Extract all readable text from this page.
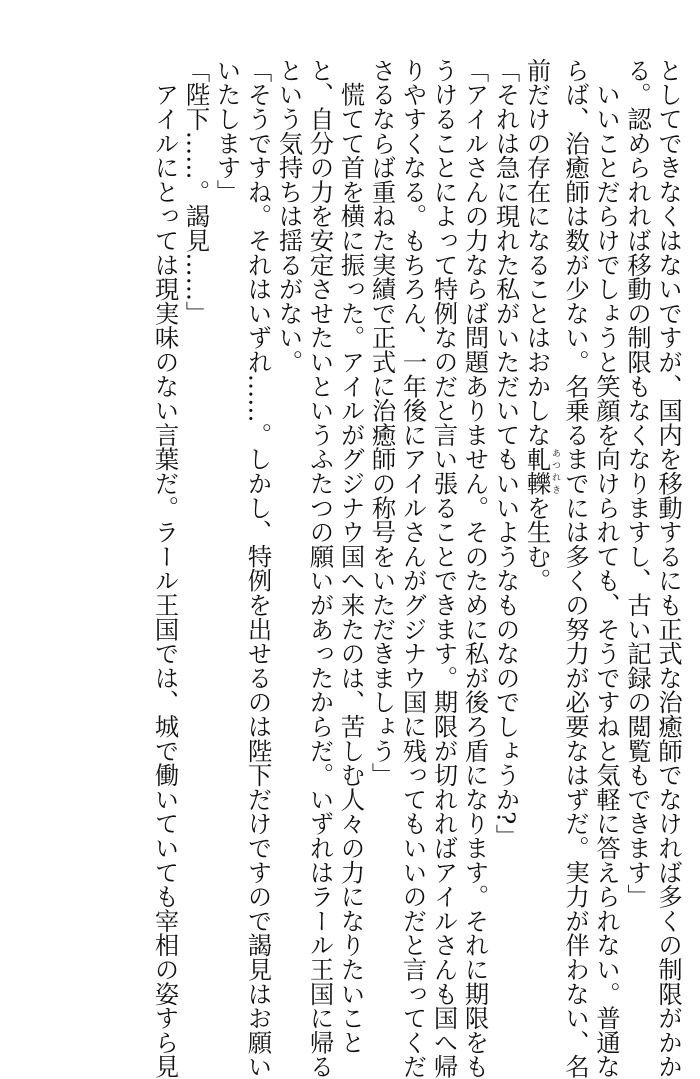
としてできなくはないですが、国内を移動するにも正式な治癒師でなければ多くの制限がかか
る。認められれば移動の制限もなくなりますし、古い記録の閲覧もできます」
　いいことだらけでしょうと笑顔を向けられても、そうですねと気軽に答えられない。普通な
らば、治癒師は数が少ない。名乗るまでには多くの努力が必要なはずだ。実力が伴わない、名
前だけの存在になることはおかしな軋轢あつれきを生む。
「それは急に現れた私がいただいてもいいようなものなのでしょうか?」
「アイルさんの力ならば問題ありません。そのために私が後ろ盾になります。それに期限をも
うけることによって特例なのだと言い張ることできます。期限が切れればアイルさんも国へ帰
りやすくなる。もちろん、一年後にアイルさんがグジナウ国に残ってもいいのだと言ってくだ
さるならば重ねた実績で正式に治癒師の称号をいただきましょう」
　慌てて首を横に振った。アイルがグジナウ国へ来たのは、苦しむ人々の力になりたいこと
と、自分の力を安定させたいというふたつの願いがあったからだ。いずれはラール王国に帰る
という気持ちは揺るがない。
「そうですね。それはいずれ……。しかし、特例を出せるのは陛下だけですので謁見はお願い
いたします」
「陛下……。謁見……」
　アイルにとっては現実味のない言葉だ。ラール王国では、城で働いていても宰相の姿すら見
